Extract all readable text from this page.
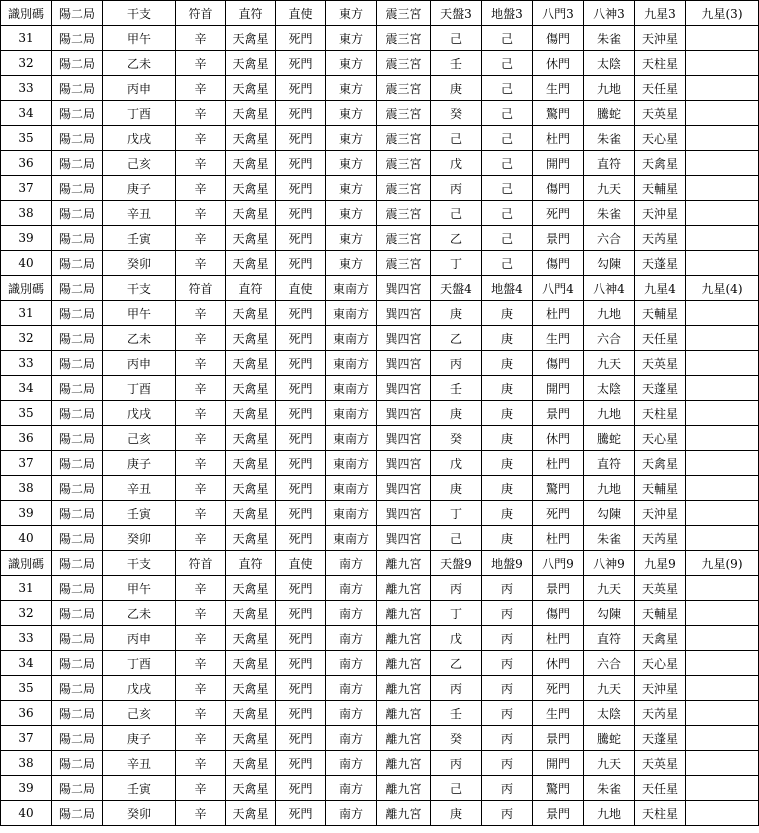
識別碼	陽二局	干支	符首	直符	直使	東方	震三宮	天盤3	地盤3	八門3	八神3	九星3	九星(3)
31	陽二局	甲午	辛	天禽星	死門	東方	震三宮	己	己	傷門	朱雀	天沖星	
32	陽二局	乙未	辛	天禽星	死門	東方	震三宮	壬	己	休門	太陰	天柱星	
33	陽二局	丙申	辛	天禽星	死門	東方	震三宮	庚	己	生門	九地	天任星	
34	陽二局	丁酉	辛	天禽星	死門	東方	震三宮	癸	己	驚門	騰蛇	天英星	
35	陽二局	戊戌	辛	天禽星	死門	東方	震三宮	己	己	杜門	朱雀	天心星	
36	陽二局	己亥	辛	天禽星	死門	東方	震三宮	戊	己	開門	直符	天禽星	
37	陽二局	庚子	辛	天禽星	死門	東方	震三宮	丙	己	傷門	九天	天輔星	
38	陽二局	辛丑	辛	天禽星	死門	東方	震三宮	己	己	死門	朱雀	天沖星	
39	陽二局	壬寅	辛	天禽星	死門	東方	震三宮	乙	己	景門	六合	天芮星	
40	陽二局	癸卯	辛	天禽星	死門	東方	震三宮	丁	己	傷門	勾陳	天蓬星	
識別碼	陽二局	干支	符首	直符	直使	東南方	巽四宮	天盤4	地盤4	八門4	八神4	九星4	九星(4)
31	陽二局	甲午	辛	天禽星	死門	東南方	巽四宮	庚	庚	杜門	九地	天輔星	
32	陽二局	乙未	辛	天禽星	死門	東南方	巽四宮	乙	庚	生門	六合	天任星	
33	陽二局	丙申	辛	天禽星	死門	東南方	巽四宮	丙	庚	傷門	九天	天英星	
34	陽二局	丁酉	辛	天禽星	死門	東南方	巽四宮	壬	庚	開門	太陰	天蓬星	
35	陽二局	戊戌	辛	天禽星	死門	東南方	巽四宮	庚	庚	景門	九地	天柱星	
36	陽二局	己亥	辛	天禽星	死門	東南方	巽四宮	癸	庚	休門	騰蛇	天心星	
37	陽二局	庚子	辛	天禽星	死門	東南方	巽四宮	戊	庚	杜門	直符	天禽星	
38	陽二局	辛丑	辛	天禽星	死門	東南方	巽四宮	庚	庚	驚門	九地	天輔星	
39	陽二局	壬寅	辛	天禽星	死門	東南方	巽四宮	丁	庚	死門	勾陳	天沖星	
40	陽二局	癸卯	辛	天禽星	死門	東南方	巽四宮	己	庚	杜門	朱雀	天芮星	
識別碼	陽二局	干支	符首	直符	直使	南方	離九宮	天盤9	地盤9	八門9	八神9	九星9	九星(9)
31	陽二局	甲午	辛	天禽星	死門	南方	離九宮	丙	丙	景門	九天	天英星	
32	陽二局	乙未	辛	天禽星	死門	南方	離九宮	丁	丙	傷門	勾陳	天輔星	
33	陽二局	丙申	辛	天禽星	死門	南方	離九宮	戊	丙	杜門	直符	天禽星	
34	陽二局	丁酉	辛	天禽星	死門	南方	離九宮	乙	丙	休門	六合	天心星	
35	陽二局	戊戌	辛	天禽星	死門	南方	離九宮	丙	丙	死門	九天	天沖星	
36	陽二局	己亥	辛	天禽星	死門	南方	離九宮	壬	丙	生門	太陰	天芮星	
37	陽二局	庚子	辛	天禽星	死門	南方	離九宮	癸	丙	景門	騰蛇	天蓬星	
38	陽二局	辛丑	辛	天禽星	死門	南方	離九宮	丙	丙	開門	九天	天英星	
39	陽二局	壬寅	辛	天禽星	死門	南方	離九宮	己	丙	驚門	朱雀	天任星	
40	陽二局	癸卯	辛	天禽星	死門	南方	離九宮	庚	丙	景門	九地	天柱星	
